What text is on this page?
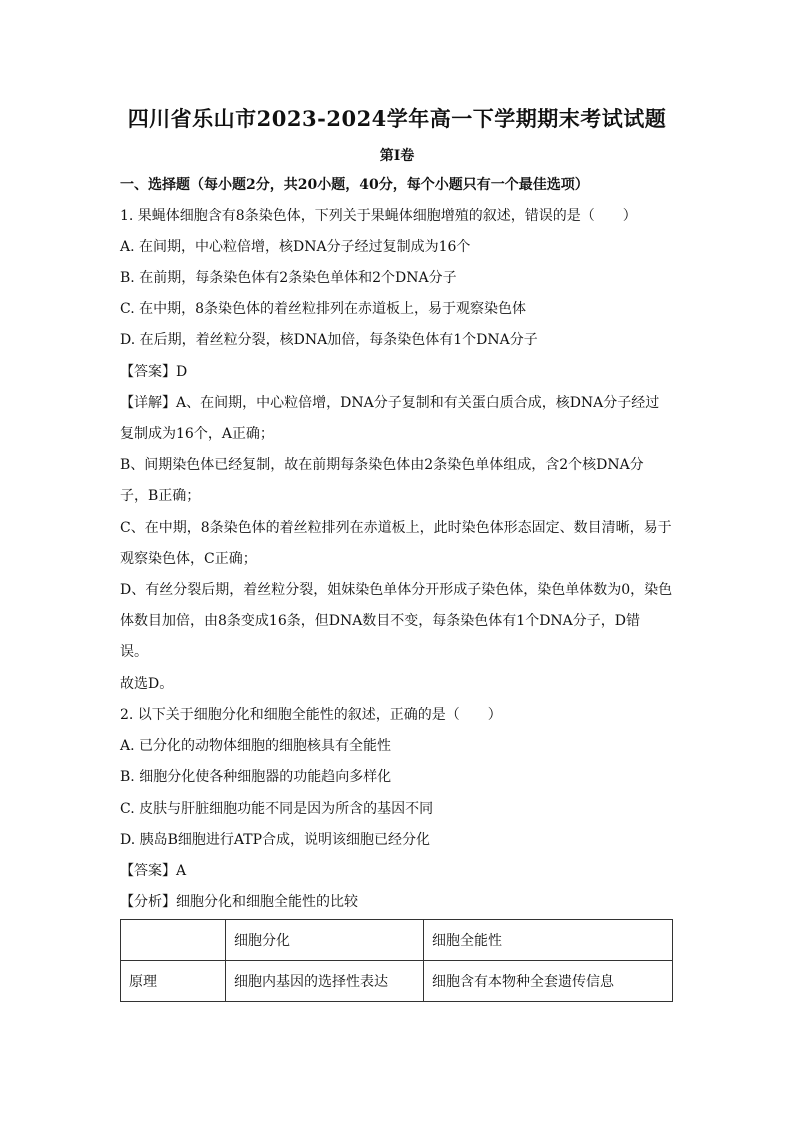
四川省乐山市2023-2024学年高一下学期期末考试试题
第Ⅰ卷
一、选择题（每小题2分，共20小题，40分，每个小题只有一个最佳选项）
1. 果蝇体细胞含有8条染色体，下列关于果蝇体细胞增殖的叙述，错误的是（　　）
A. 在间期，中心粒倍增，核DNA分子经过复制成为16个
B. 在前期，每条染色体有2条染色单体和2个DNA分子
C. 在中期，8条染色体的着丝粒排列在赤道板上，易于观察染色体
D. 在后期，着丝粒分裂，核DNA加倍，每条染色体有1个DNA分子
【答案】D
【详解】A、在间期，中心粒倍增，DNA分子复制和有关蛋白质合成，核DNA分子经过
复制成为16个，A正确；
B、间期染色体已经复制，故在前期每条染色体由2条染色单体组成，含2个核DNA分
子，B正确；
C、在中期，8条染色体的着丝粒排列在赤道板上，此时染色体形态固定、数目清晰，易于
观察染色体，C正确；
D、有丝分裂后期，着丝粒分裂，姐妹染色单体分开形成子染色体，染色单体数为0，染色
体数目加倍，由8条变成16条，但DNA数目不变，每条染色体有1个DNA分子，D错
误。
故选D。
2. 以下关于细胞分化和细胞全能性的叙述，正确的是（　　）
A. 已分化的动物体细胞的细胞核具有全能性
B. 细胞分化使各种细胞器的功能趋向多样化
C. 皮肤与肝脏细胞功能不同是因为所含的基因不同
D. 胰岛B细胞进行ATP合成，说明该细胞已经分化
【答案】A
【分析】细胞分化和细胞全能性的比较
	细胞分化	细胞全能性
原理	细胞内基因的选择性表达	细胞含有本物种全套遗传信息
